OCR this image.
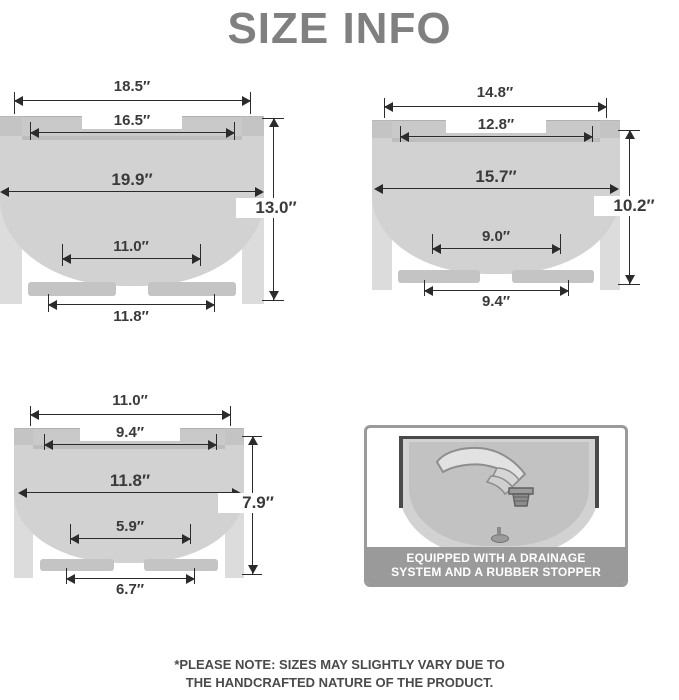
SIZE INFO
18.5″
16.5″
19.9″
11.0″
11.8″
13.0″
14.8″
12.8″
15.7″
9.0″
9.4″
10.2″
11.0″
9.4″
11.8″
5.9″
6.7″
7.9″
EQUIPPED WITH A DRAINAGE
SYSTEM AND A RUBBER STOPPER
*PLEASE NOTE: SIZES MAY SLIGHTLY VARY DUE TO
THE HANDCRAFTED NATURE OF THE PRODUCT.
